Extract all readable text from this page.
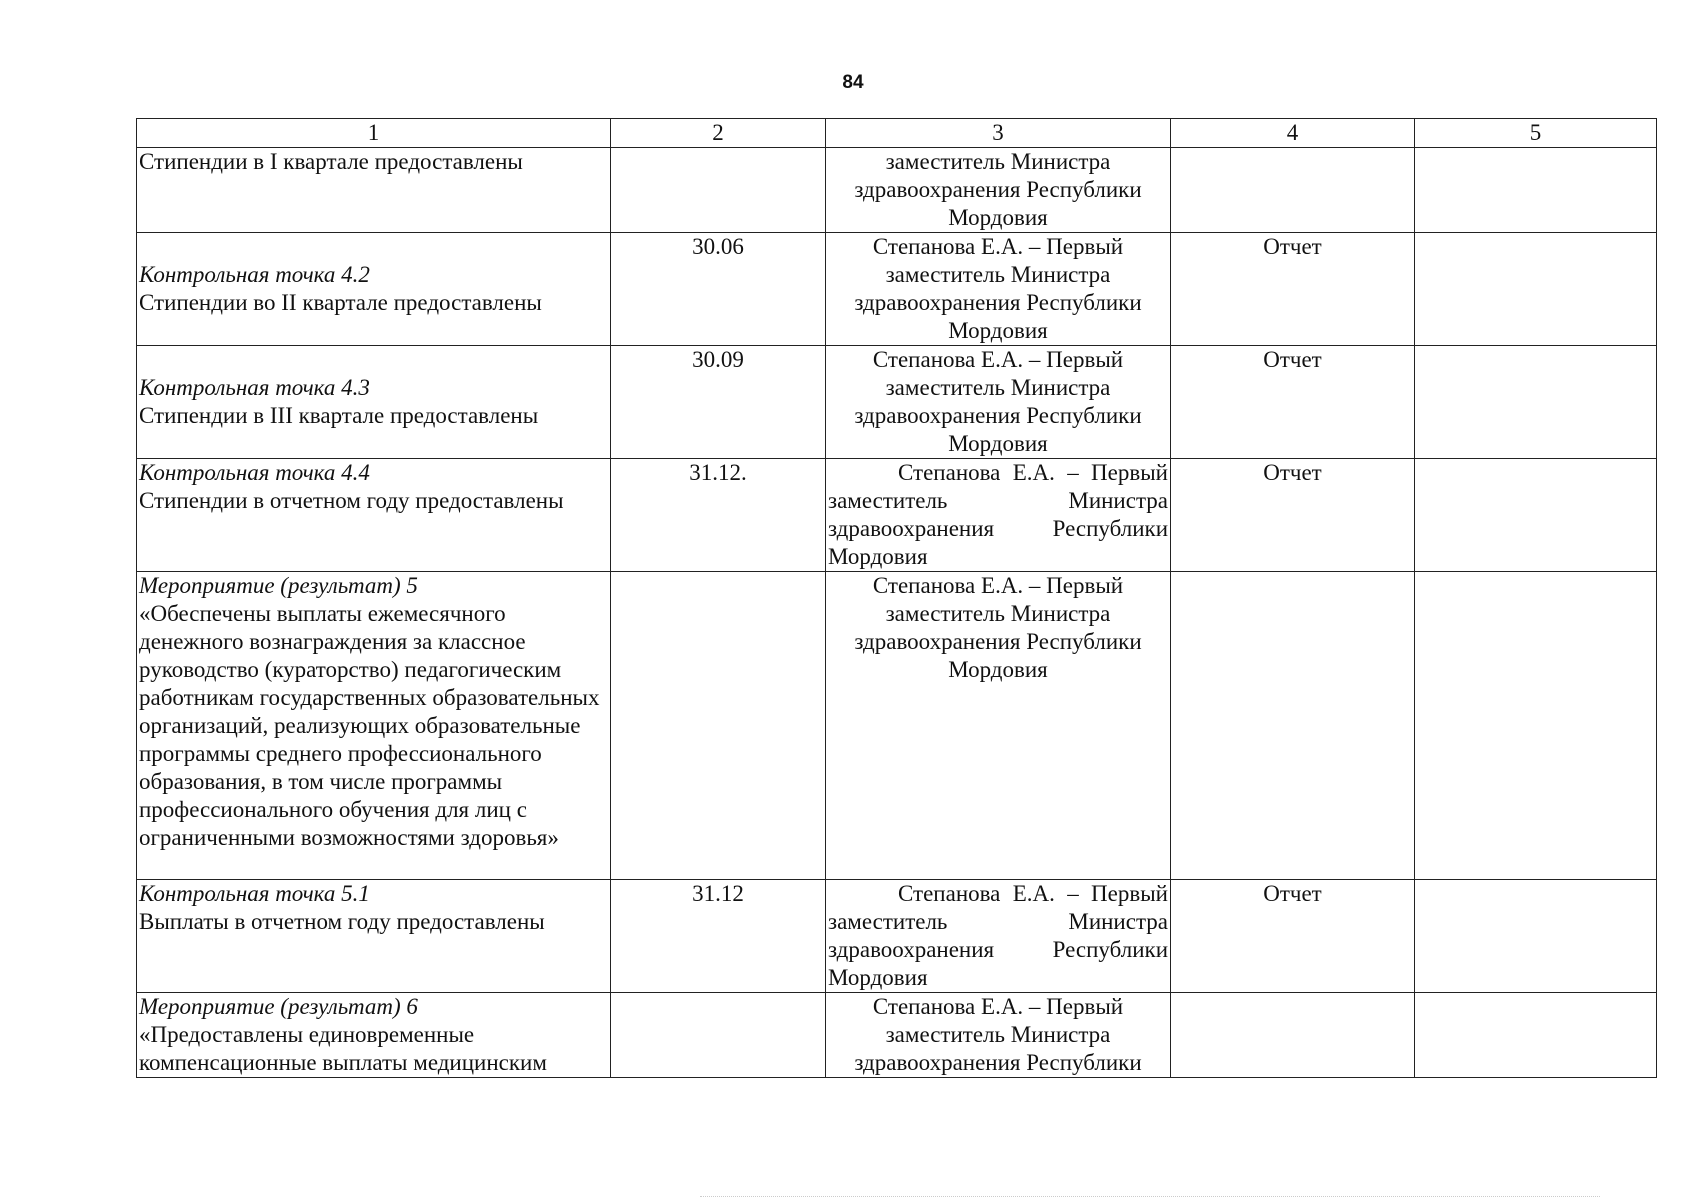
84
1	2	3	4	5

Стипендии в I квартале предоставлены		заместитель Министра здравоохранения Республики Мордовия		

Контрольная точка 4.2
Стипендии во II квартале предоставлены	30.06	Степанова Е.А. – Первый заместитель Министра здравоохранения Республики Мордовия	Отчет	

Контрольная точка 4.3
Стипендии в III квартале предоставлены	30.09	Степанова Е.А. – Первый заместитель Министра здравоохранения Республики Мордовия	Отчет	

Контрольная точка 4.4
Стипендии в отчетном году предоставлены	31.12.	Степанова Е.А. – Первый заместитель Министра здравоохранения Республики Мордовия	Отчет	

Мероприятие (результат) 5
«Обеспечены выплаты ежемесячного денежного вознаграждения за классное руководство (кураторство) педагогическим работникам государственных образовательных организаций, реализующих образовательные программы среднего профессионального образования, в том числе программы профессионального обучения для лиц с ограниченными возможностями здоровья»		Степанова Е.А. – Первый заместитель Министра здравоохранения Республики Мордовия		

Контрольная точка 5.1
Выплаты в отчетном году предоставлены	31.12	Степанова Е.А. – Первый заместитель Министра здравоохранения Республики Мордовия	Отчет	

Мероприятие (результат) 6
«Предоставлены единовременные компенсационные выплаты медицинским		Степанова Е.А. – Первый заместитель Министра здравоохранения Республики		
